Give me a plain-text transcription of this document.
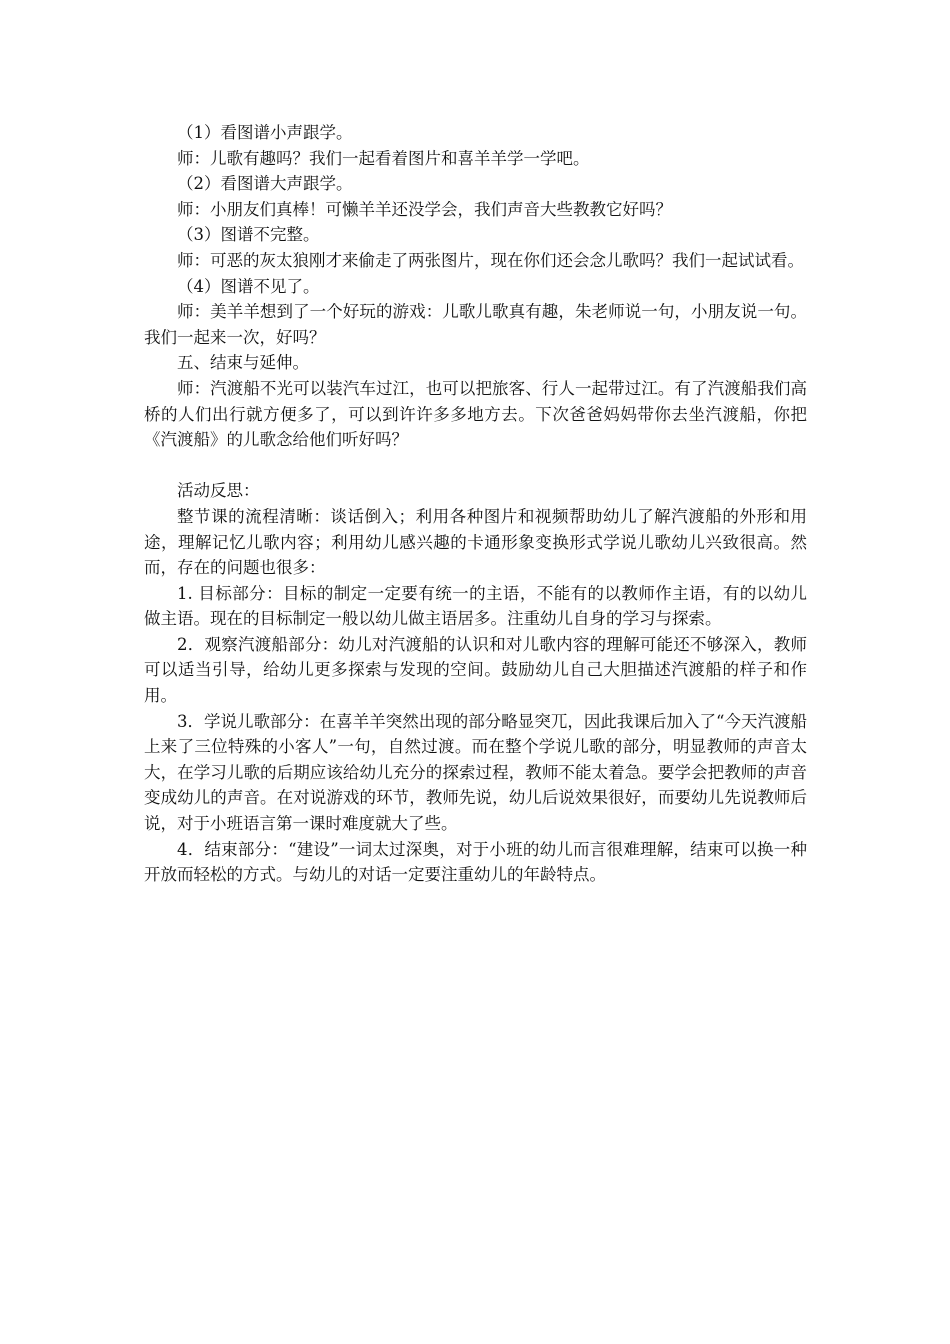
（1）看图谱小声跟学。

师：儿歌有趣吗？我们一起看着图片和喜羊羊学一学吧。

（2）看图谱大声跟学。

师：小朋友们真棒！可懒羊羊还没学会，我们声音大些教教它好吗？

（3）图谱不完整。

师：可恶的灰太狼刚才来偷走了两张图片，现在你们还会念儿歌吗？我们一起试试看。

（4）图谱不见了。

师：美羊羊想到了一个好玩的游戏：儿歌儿歌真有趣，朱老师说一句，小朋友说一句。我们一起来一次，好吗？

五、结束与延伸。

师：汽渡船不光可以装汽车过江，也可以把旅客、行人一起带过江。有了汽渡船我们高桥的人们出行就方便多了，可以到许许多多地方去。下次爸爸妈妈带你去坐汽渡船，你把《汽渡船》的儿歌念给他们听好吗？

活动反思：

整节课的流程清晰：谈话倒入；利用各种图片和视频帮助幼儿了解汽渡船的外形和用途，理解记忆儿歌内容；利用幼儿感兴趣的卡通形象变换形式学说儿歌幼儿兴致很高。然而，存在的问题也很多：

1. 目标部分：目标的制定一定要有统一的主语，不能有的以教师作主语，有的以幼儿做主语。现在的目标制定一般以幼儿做主语居多。注重幼儿自身的学习与探索。

2．观察汽渡船部分：幼儿对汽渡船的认识和对儿歌内容的理解可能还不够深入，教师可以适当引导，给幼儿更多探索与发现的空间。鼓励幼儿自己大胆描述汽渡船的样子和作用。

3．学说儿歌部分：在喜羊羊突然出现的部分略显突兀，因此我课后加入了“今天汽渡船上来了三位特殊的小客人”一句，自然过渡。而在整个学说儿歌的部分，明显教师的声音太大，在学习儿歌的后期应该给幼儿充分的探索过程，教师不能太着急。要学会把教师的声音变成幼儿的声音。在对说游戏的环节，教师先说，幼儿后说效果很好，而要幼儿先说教师后说，对于小班语言第一课时难度就大了些。

4．结束部分：“建设”一词太过深奥，对于小班的幼儿而言很难理解，结束可以换一种开放而轻松的方式。与幼儿的对话一定要注重幼儿的年龄特点。
